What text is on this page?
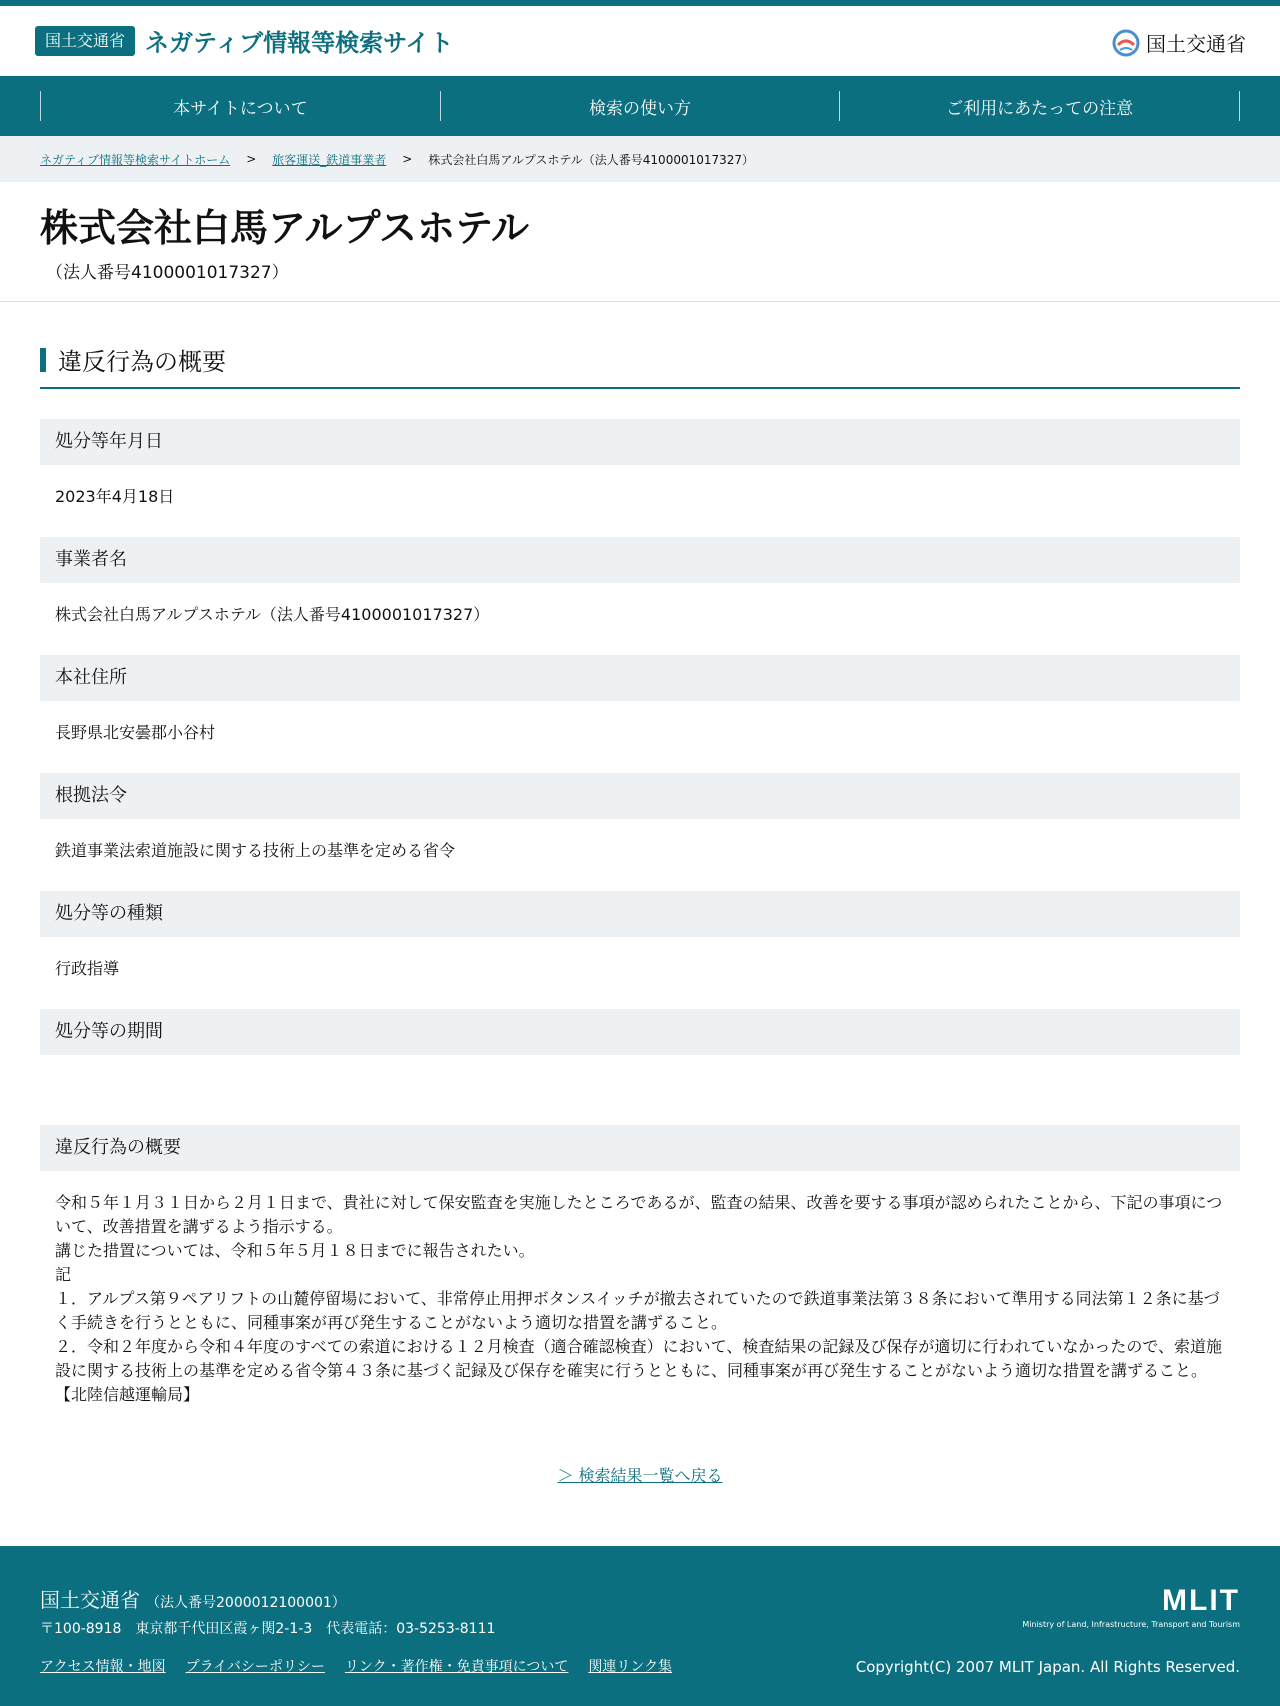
国土交通省 ネガティブ情報等検索サイト	国土交通省
本サイトについて	検索の使い方	ご利用にあたっての注意
ネガティブ情報等検索サイトホーム > 旅客運送_鉄道事業者 > 株式会社白馬アルプスホテル（法人番号4100001017327）
株式会社白馬アルプスホテル
（法人番号4100001017327）
違反行為の概要
処分等年月日
2023年4月18日
事業者名
株式会社白馬アルプスホテル（法人番号4100001017327）
本社住所
長野県北安曇郡小谷村
根拠法令
鉄道事業法索道施設に関する技術上の基準を定める省令
処分等の種類
行政指導
処分等の期間
違反行為の概要
令和５年１月３１日から２月１日まで、貴社に対して保安監査を実施したところであるが、監査の結果、改善を要する事項が認められたことから、下記の事項について、改善措置を講ずるよう指示する。
講じた措置については、令和５年５月１８日までに報告されたい。
記
１．アルプス第９ペアリフトの山麓停留場において、非常停止用押ボタンスイッチが撤去されていたので鉄道事業法第３８条において準用する同法第１２条に基づく手続きを行うとともに、同種事案が再び発生することがないよう適切な措置を講ずること。
２．令和２年度から令和４年度のすべての索道における１２月検査（適合確認検査）において、検査結果の記録及び保存が適切に行われていなかったので、索道施設に関する技術上の基準を定める省令第４３条に基づく記録及び保存を確実に行うとともに、同種事案が再び発生することがないよう適切な措置を講ずること。
【北陸信越運輸局】
＞ 検索結果一覧へ戻る
国土交通省 （法人番号2000012100001）
〒100-8918　東京都千代田区霞ヶ関2-1-3　代表電話：03-5253-8111
アクセス情報・地図 プライバシーポリシー リンク・著作権・免責事項について 関連リンク集
MLIT
Ministry of Land, Infrastructure, Transport and Tourism
Copyright(C) 2007 MLIT Japan. All Rights Reserved.
